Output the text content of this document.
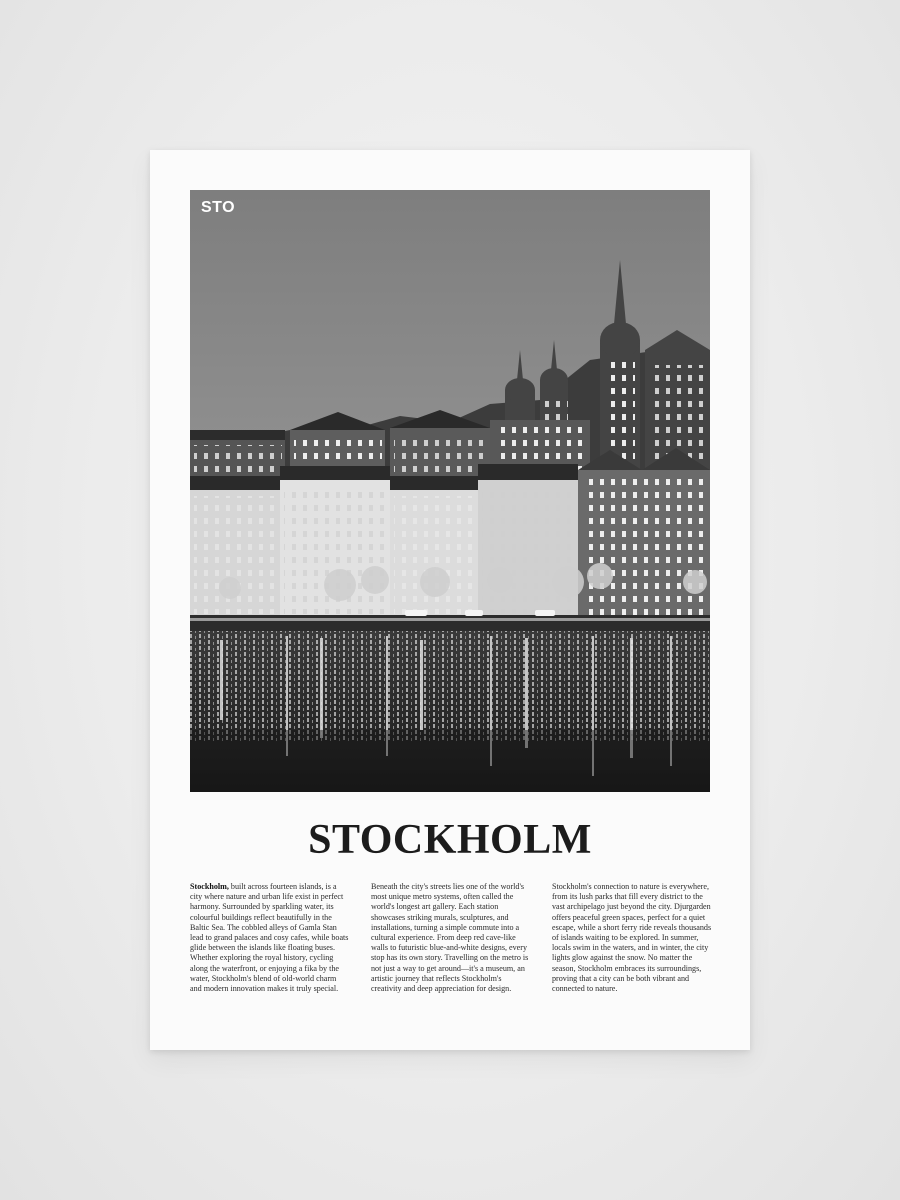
STO
STOCKHOLM
Stockholm, built across fourteen islands, is a city where nature and urban life exist in perfect harmony. Surrounded by sparkling water, its colourful buildings reflect beautifully in the Baltic Sea. The cobbled alleys of Gamla Stan lead to grand palaces and cosy cafes, while boats glide between the islands like floating buses. Whether exploring the royal history, cycling along the waterfront, or enjoying a fika by the water, Stockholm's blend of old-world charm and modern innovation makes it truly special.
Beneath the city's streets lies one of the world's most unique metro systems, often called the world's longest art gallery. Each station showcases striking murals, sculptures, and installations, turning a simple commute into a cultural experience. From deep red cave-like walls to futuristic blue-and-white designs, every stop has its own story. Travelling on the metro is not just a way to get around—it's a museum, an artistic journey that reflects Stockholm's creativity and deep appreciation for design.
Stockholm's connection to nature is everywhere, from its lush parks that fill every district to the vast archipelago just beyond the city. Djurgarden offers peaceful green spaces, perfect for a quiet escape, while a short ferry ride reveals thousands of islands waiting to be explored. In summer, locals swim in the waters, and in winter, the city lights glow against the snow. No matter the season, Stockholm embraces its surroundings, proving that a city can be both vibrant and connected to nature.
